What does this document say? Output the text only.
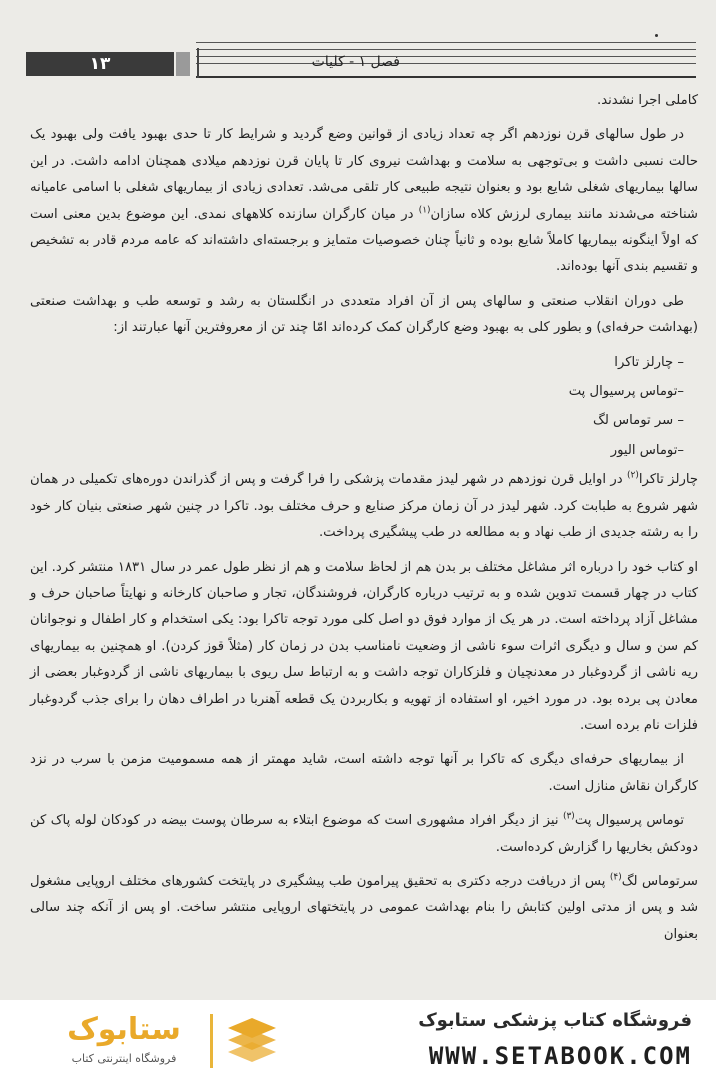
۱۳	فصل ۱ - کلیات

کاملی اجرا نشدند.

در طول سالهای قرن نوزدهم اگر چه تعداد زیادی از قوانین وضع گردید و شرایط کار تا حدی بهبود یافت ولی بهبود یک حالت نسبی داشت و بی‌توجهی به سلامت و بهداشت نیروی کار تا پایان قرن نوزدهم میلادی همچنان ادامه داشت. در این سالها بیماریهای شغلی شایع بود و بعنوان نتیجه طبیعی کار تلقی می‌شد. تعدادی زیادی از بیماریهای شغلی با اسامی عامیانه شناخته می‌شدند مانند بیماری لرزش کلاه سازان$^{(۱)}$ در میان کارگران سازنده کلاههای نمدی. این موضوع بدین معنی است که اولاً اینگونه بیماریها کاملاً شایع بوده و ثانیاً چنان خصوصیات متمایز و برجسته‌ای داشته‌اند که عامه مردم قادر به تشخیص و تقسیم بندی آنها بوده‌اند.

طی دوران انقلاب صنعتی و سالهای پس از آن افراد متعددی در انگلستان به رشد و توسعه طب و بهداشت صنعتی (بهداشت حرفه‌ای) و بطور کلی به بهبود وضع کارگران کمک کرده‌اند امّا چند تن از معروفترین آنها عبارتند از:

– چارلز تاکرا
–توماس پرسیوال پت
– سر توماس لگ
–توماس الیور

چارلز تاکرا$^{(۲)}$ در اوایل قرن نوزدهم در شهر لیدز مقدمات پزشکی را فرا گرفت و پس از گذراندن دوره‌های تکمیلی در همان شهر شروع به طبابت کرد. شهر لیدز در آن زمان مرکز صنایع و حرف مختلف بود. تاکرا در چنین شهر صنعتی بنیان کار خود را به رشته جدیدی از طب نهاد و به مطالعه در طب پیشگیری پرداخت.

او کتاب خود را درباره اثر مشاغل مختلف بر بدن هم از لحاظ سلامت و هم از نظر طول عمر در سال ۱۸۳۱ منتشر کرد. این کتاب در چهار قسمت تدوین شده و به ترتیب درباره کارگران، فروشندگان، تجار و صاحبان کارخانه و نهایتاً صاحبان حرف و مشاغل آزاد پرداخته است. در هر یک از موارد فوق دو اصل کلی مورد توجه تاکرا بود: یکی استخدام و کار اطفال و نوجوانان کم سن و سال و دیگری اثرات سوء ناشی از وضعیت نامناسب بدن در زمان کار (مثلاً قوز کردن). او همچنین به بیماریهای ریه ناشی از گردوغبار در معدنچیان و فلزکاران توجه داشت و به ارتباط سل ریوی با بیماریهای ناشی از گردوغبار بعضی از معادن پی برده بود. در مورد اخیر، او استفاده از تهویه و بکاربردن یک قطعه آهنربا در اطراف دهان را برای جذب گردوغبار فلزات نام برده است.

از بیماریهای حرفه‌ای دیگری که تاکرا بر آنها توجه داشته است، شاید مهمتر از همه مسمومیت مزمن با سرب در نزد کارگران نقاش منازل است.

توماس پرسیوال پت$^{(۳)}$ نیز از دیگر افراد مشهوری است که موضوع ابتلاء به سرطان پوست بیضه در کودکان لوله پاک کن دودکش بخاریها را گزارش کرده‌است.

سرتوماس لگ$^{(۴)}$ پس از دریافت درجه دکتری به تحقیق پیرامون طب پیشگیری در پایتخت کشورهای مختلف اروپایی مشغول شد و پس از مدتی اولین کتابش را بنام بهداشت عمومی در پایتختهای اروپایی منتشر ساخت. او پس از آنکه چند سالی بعنوان

ستابوک
فروشگاه اینترنتی کتاب
فروشگاه کتاب پزشکی ستابوک
WWW.SETABOOK.COM
